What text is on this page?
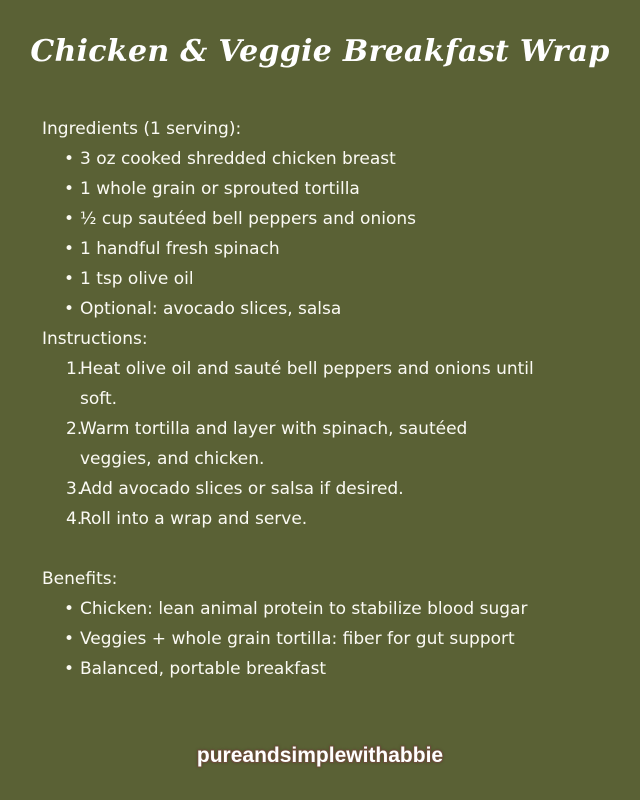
Chicken & Veggie Breakfast Wrap
Ingredients (1 serving):
• 3 oz cooked shredded chicken breast
• 1 whole grain or sprouted tortilla
• ½ cup sautéed bell peppers and onions
• 1 handful fresh spinach
• 1 tsp olive oil
• Optional: avocado slices, salsa
Instructions:
1.
Heat olive oil and sauté bell peppers and onions until soft.
2.
Warm tortilla and layer with spinach, sautéed veggies, and chicken.
3.
Add avocado slices or salsa if desired.
4.
Roll into a wrap and serve.
Benefits:
• Chicken: lean animal protein to stabilize blood sugar
• Veggies + whole grain tortilla: fiber for gut support
• Balanced, portable breakfast
pureandsimplewithabbie
